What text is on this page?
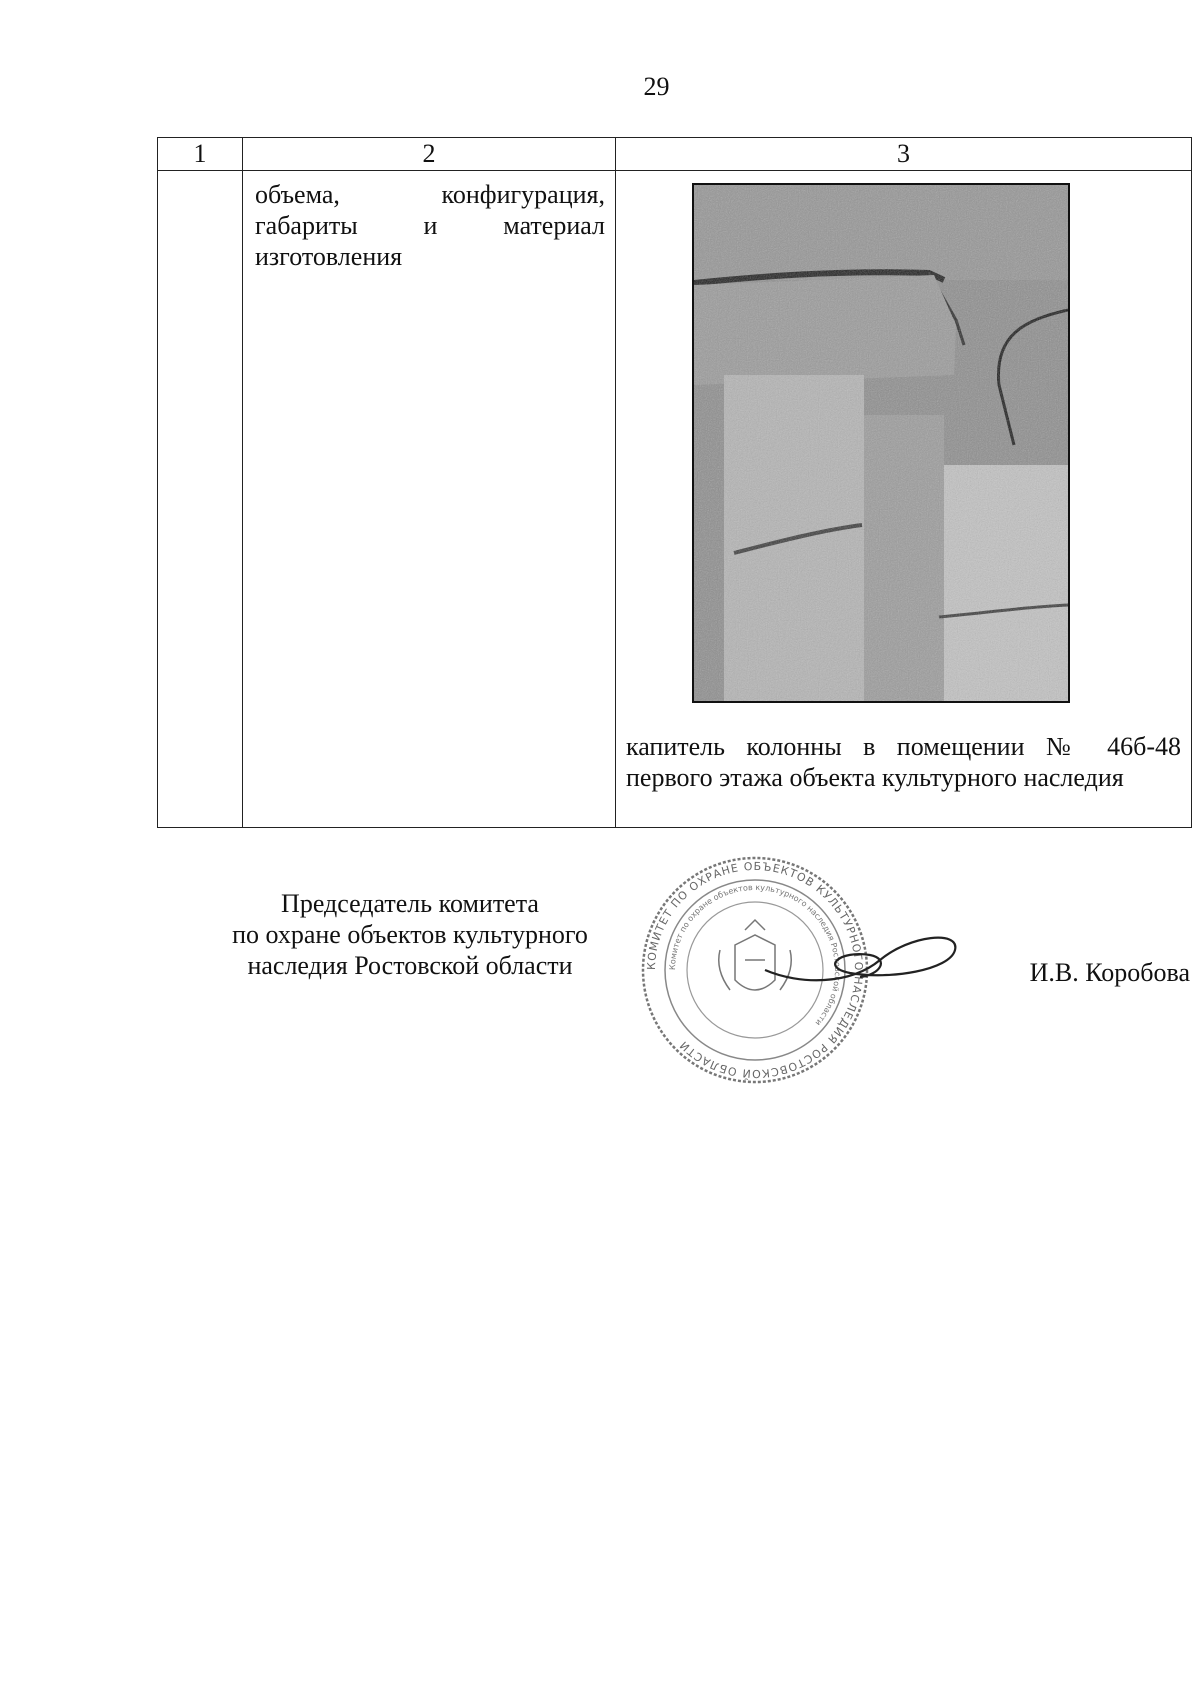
29
1	2	3

	объема, конфигурация, габариты и материал изготовления	капитель колонны в помещении № 46б-48 первого этажа объекта культурного наследия
Председатель комитета
по охране объектов культурного
наследия Ростовской области	КОМИТЕТ ПО ОХРАНЕ ОБЪЕКТОВ КУЛЬТУРНОГО НАСЛЕДИЯ РОСТОВСКОЙ ОБЛАСТИ
Комитет по охране объектов культурного наследия Ростовской области
И.В. Коробова
